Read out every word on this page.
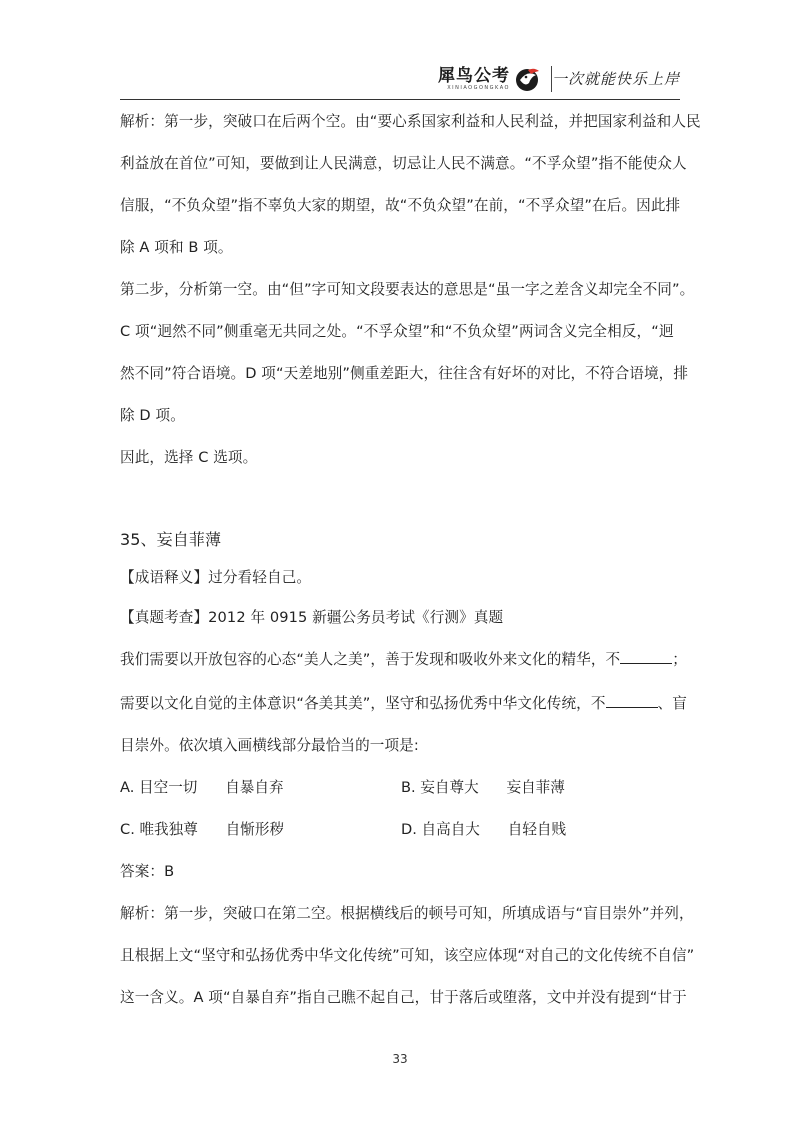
犀鸟公考
XINIAOGONGKAO	一次就能快乐上岸

解析：第一步，突破口在后两个空。由“要心系国家利益和人民利益，并把国家利益和人民

利益放在首位”可知，要做到让人民满意，切忌让人民不满意。“不孚众望”指不能使众人

信服，“不负众望”指不辜负大家的期望，故“不负众望”在前，“不孚众望”在后。因此排

除 A 项和 B 项。

第二步，分析第一空。由“但”字可知文段要表达的意思是“虽一字之差含义却完全不同”。

C 项“迥然不同”侧重毫无共同之处。“不孚众望”和“不负众望”两词含义完全相反，“迥

然不同”符合语境。D 项“天差地别”侧重差距大，往往含有好坏的对比，不符合语境，排

除 D 项。

因此，选择 C 选项。

35、妄自菲薄

【成语释义】过分看轻自己。

【真题考查】2012 年 0915 新疆公务员考试《行测》真题

我们需要以开放包容的心态“美人之美”，善于发现和吸收外来文化的精华，不	；

需要以文化自觉的主体意识“各美其美”，坚守和弘扬优秀中华文化传统，不	、盲

目崇外。依次填入画横线部分最恰当的一项是:

A. 目空一切      自暴自弃	B. 妄自尊大      妄自菲薄
C. 唯我独尊      自惭形秽	D. 自高自大      自轻自贱

答案：B

解析：第一步，突破口在第二空。根据横线后的顿号可知，所填成语与“盲目崇外”并列，

且根据上文“坚守和弘扬优秀中华文化传统”可知，该空应体现“对自己的文化传统不自信”

这一含义。A 项“自暴自弃”指自己瞧不起自己，甘于落后或堕落，文中并没有提到“甘于

33
